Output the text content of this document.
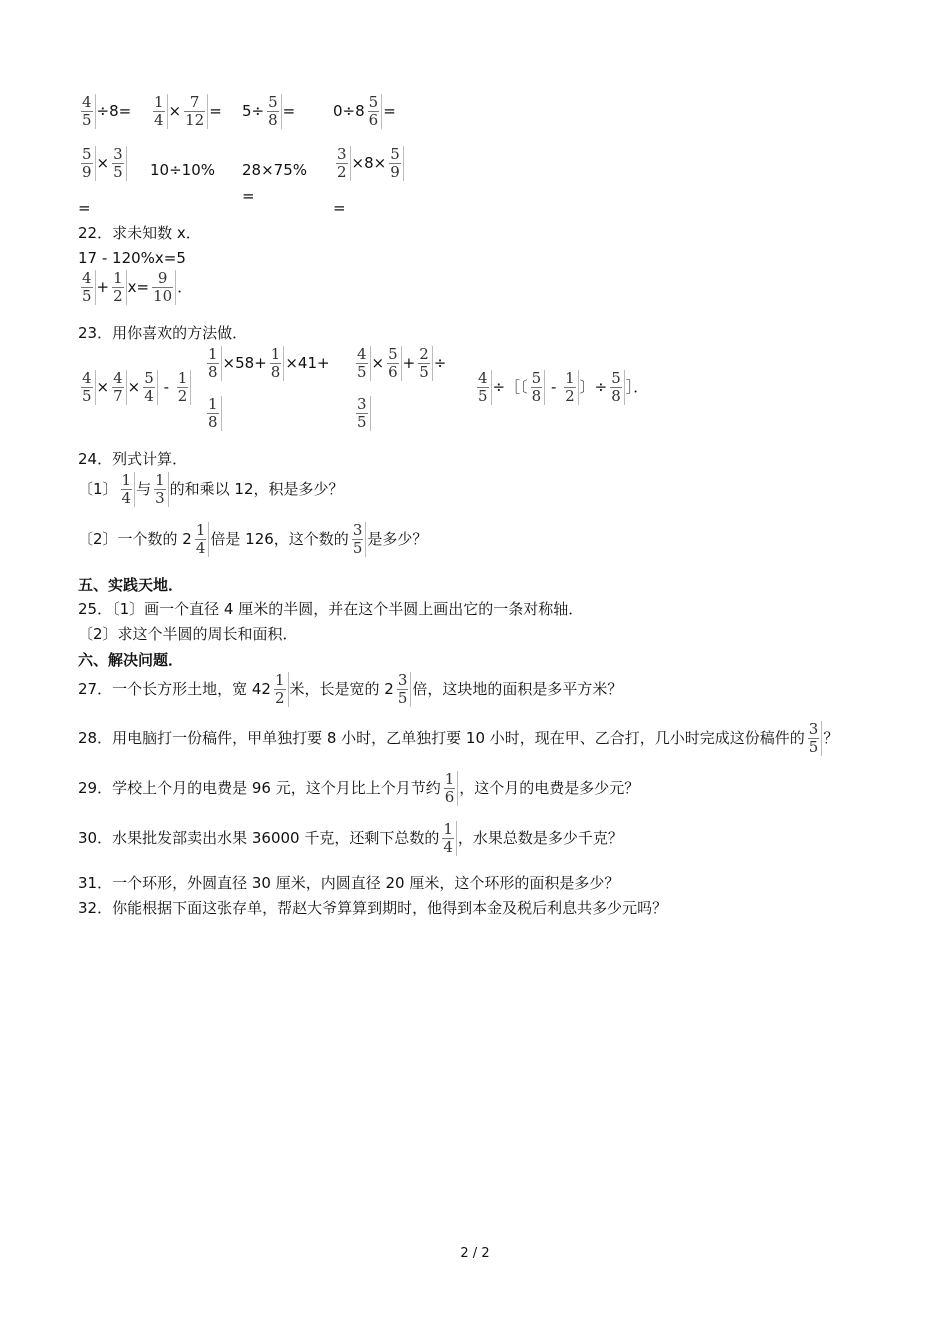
$\frac{4}{5} \div 8= \frac{1}{4} \times \frac{7}{12} = 5\div \frac{5}{8}$ =	$0\div 8 \frac{5}{6}$ =
$\frac{5}{9} \times \frac{3}{5}$
=
10÷10% 28×75%
=
$\frac{3}{2} \times 8\times \frac{5}{9}$
=
22．求未知数 x．
17 - 120%x=5
$\frac{4}{5} + \frac{1}{2} x= \frac{9}{10}$ ．
23．用你喜欢的方法做．
$\frac{4}{5} \times \frac{4}{7} \times \frac{5}{4} - \frac{1}{2}$
$\frac{1}{8} \times 58+ \frac{1}{8} \times 41+$
$\frac{1}{8}$
$\frac{4}{5} \times \frac{5}{6} + \frac{2}{5}$ ÷
$\frac{3}{5}$
$\frac{4}{5}$ ÷［〔 $\frac{5}{8} - \frac{1}{2}$ 〕÷ $\frac{5}{8}$ ］．
24．列式计算．
〔1〕 $\frac{1}{4}$ 与 $\frac{1}{3}$ 的和乘以 12，积是多少？
〔2〕一个数的 $2 \frac{1}{4}$ 倍是 126，这个数的 $\frac{3}{5}$ 是多少？
五、实践天地．
25．〔1〕画一个直径 4 厘米的半圆，并在这个半圆上画出它的一条对称轴．
〔2〕求这个半圆的周长和面积．
六、解决问题．
27．一个长方形土地，宽 $42 \frac{1}{2}$ 米，长是宽的 $2 \frac{3}{5}$ 倍，这块地的面积是多平方米？
28．用电脑打一份稿件，甲单独打要 8 小时，乙单独打要 10 小时，现在甲、乙合打，几小时完成这份稿件的 $\frac{3}{5}$ ？
29．学校上个月的电费是 96 元，这个月比上个月节约 $\frac{1}{6}$ ，这个月的电费是多少元？
30．水果批发部卖出水果 36000 千克，还剩下总数的 $\frac{1}{4}$ ，水果总数是多少千克？
31．一个环形，外圆直径 30 厘米，内圆直径 20 厘米，这个环形的面积是多少？
32．你能根据下面这张存单，帮赵大爷算算到期时，他得到本金及税后利息共多少元吗？
2 / 2
